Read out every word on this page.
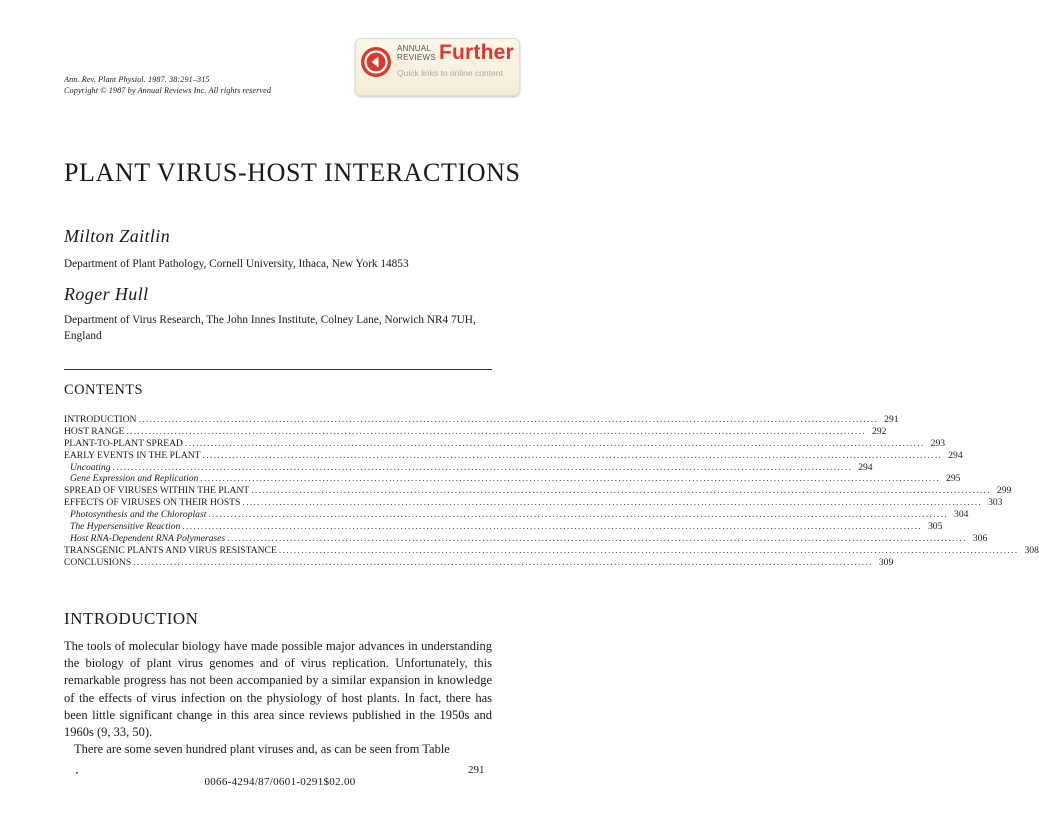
Ann. Rev. Plant Physiol. 1987. 38:291–315
Copyright © 1987 by Annual Reviews Inc. All rights reserved
ANNUAL
REVIEWS Further
Quick links to online content
PLANT VIRUS-HOST INTERACTIONS
Milton Zaitlin
Department of Plant Pathology, Cornell University, Ithaca, New York 14853
Roger Hull
Department of Virus Research, The John Innes Institute, Colney Lane, Norwich NR4 7UH, England
CONTENTS
INTRODUCTION ........................................................................................................................................................................................................ 291
HOST RANGE ........................................................................................................................................................................................................ 292
PLANT-TO-PLANT SPREAD ........................................................................................................................................................................................................ 293
EARLY EVENTS IN THE PLANT ........................................................................................................................................................................................................ 294
Uncoating ........................................................................................................................................................................................................ 294
Gene Expression and Replication ........................................................................................................................................................................................................ 295
SPREAD OF VIRUSES WITHIN THE PLANT ........................................................................................................................................................................................................ 299
EFFECTS OF VIRUSES ON THEIR HOSTS ........................................................................................................................................................................................................ 303
Photosynthesis and the Chloroplast ........................................................................................................................................................................................................ 304
The Hypersensitive Reaction ........................................................................................................................................................................................................ 305
Host RNA-Dependent RNA Polymerases ........................................................................................................................................................................................................ 306
TRANSGENIC PLANTS AND VIRUS RESISTANCE ........................................................................................................................................................................................................ 308
CONCLUSIONS ........................................................................................................................................................................................................ 309
INTRODUCTION

The tools of molecular biology have made possible major advances in understanding the biology of plant virus genomes and of virus replication. Unfortunately, this remarkable progress has not been accompanied by a similar expansion in knowledge of the effects of virus infection on the physiology of host plants. In fact, there has been little significant change in this area since reviews published in the 1950s and 1960s (9, 33, 50).

There are some seven hundred plant viruses and, as can be seen from Table

291
0066-4294/87/0601-0291$02.00
